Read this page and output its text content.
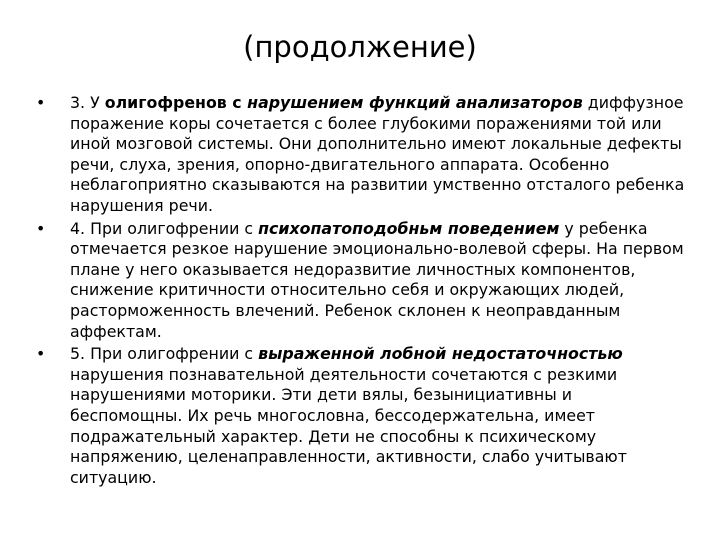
(продолжение)
•	3. У олигофренов с нарушением функций анализаторов диффузное поражение коры сочетается с более глубокими поражениями той или иной мозговой системы. Они дополнительно имеют локальные дефекты речи, слуха, зрения, опорно-двигательного аппарата. Особенно неблагоприятно сказываются на развитии умственно отсталого ребенка нарушения речи.
•	4. При олигофрении с психопатоподобньм поведением у ребенка отмечается резкое нарушение эмоционально-волевой сферы. На первом плане у него оказывается недоразвитие личностных компонентов, снижение критичности относительно себя и окружающих людей, расторможенность влечений. Ребенок склонен к неоправданным аффектам.
•	5. При олигофрении с выраженной лобной недостаточностью нарушения познавательной деятельности сочетаются с резкими нарушениями моторики. Эти дети вялы, безынициативны и беспомощны. Их речь многословна, бессодержательна, имеет подражательный характер. Дети не способны к психическому напряжению, целенаправленности, активности, слабо учитывают ситуацию.
